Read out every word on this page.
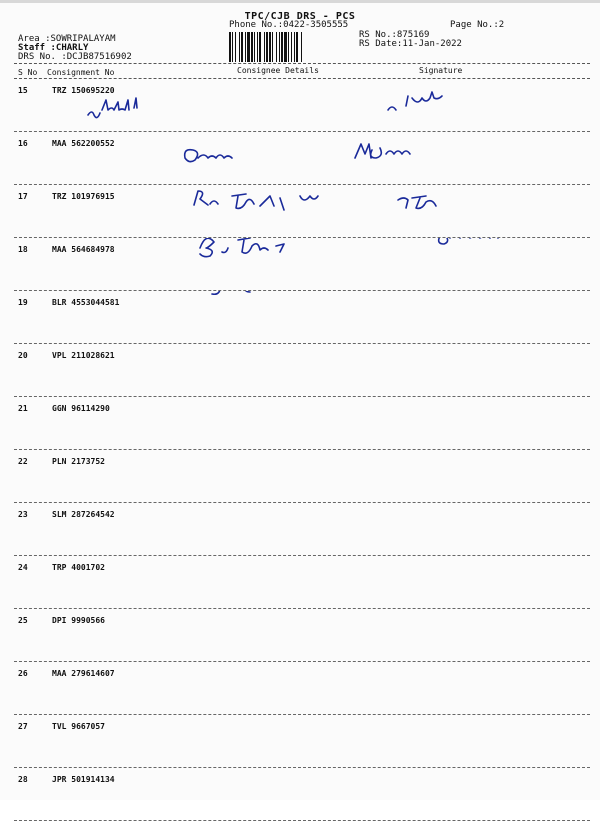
TPC/CJB DRS - PCS
Phone No.:0422-3505555	Page No.:2
RS No.:875169
RS Date:11-Jan-2022
Area :SOWRIPALAYAM
Staff :CHARLY
DRS No. :DCJB87516902
S No Consignment No	Consignee Details	Signature
15	TRZ 150695220
16	MAA 562200552
17	TRZ 101976915
18	MAA 564684978
19	BLR 4553044581
20	VPL 211028621
21	GGN 96114290
22	PLN 2173752
23	SLM 287264542
24	TRP 4001702
25	DPI 9990566
26	MAA 279614607
27	TVL 9667057
28	JPR 501914134
